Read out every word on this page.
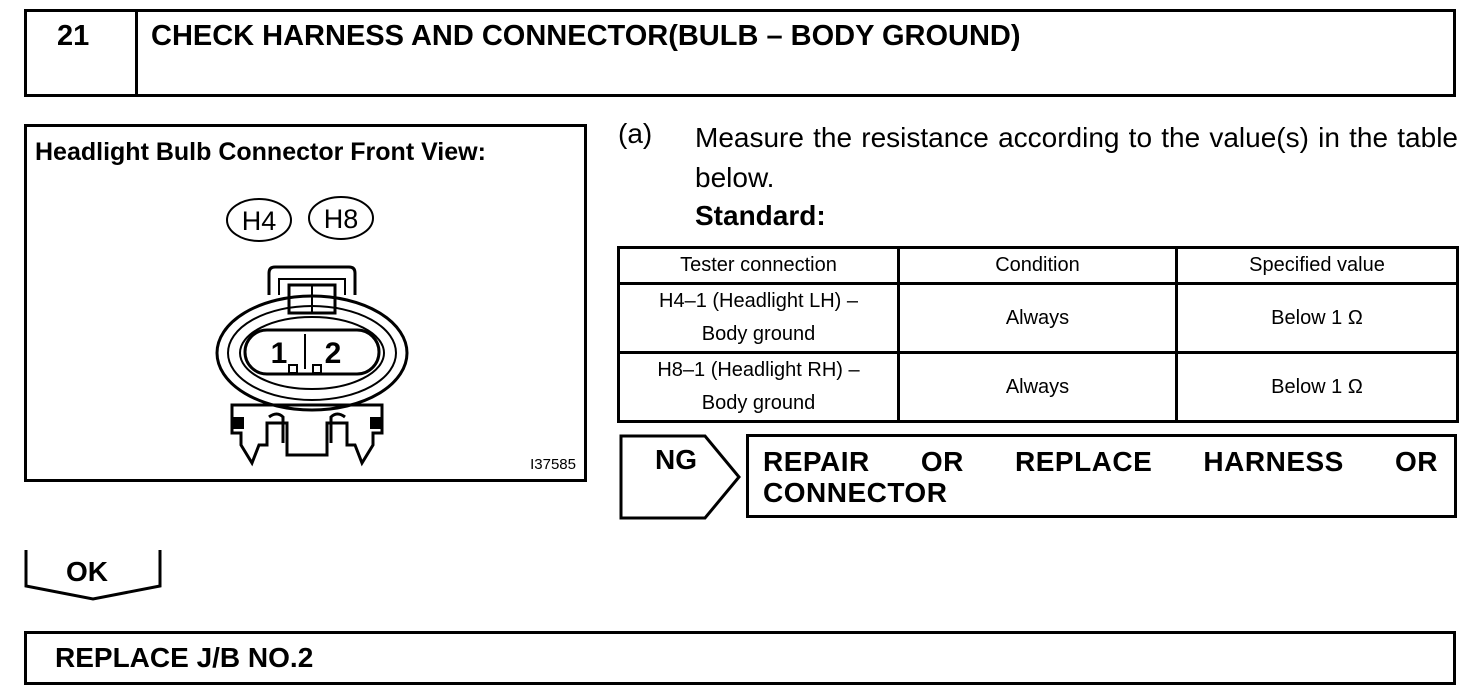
21 CHECK HARNESS AND CONNECTOR(BULB – BODY GROUND)
Headlight Bulb Connector Front View:
H4 H8
1 2
I37585
(a) Measure the resistance according to the value(s) in the table below.
Standard:
Tester connection	Condition	Specified value
H4–1 (Headlight LH) –
Body ground	Always	Below 1 Ω
H8–1 (Headlight RH) –
Body ground	Always	Below 1 Ω
NG REPAIR OR REPLACE HARNESS OR CONNECTOR
OK
REPLACE J/B NO.2
